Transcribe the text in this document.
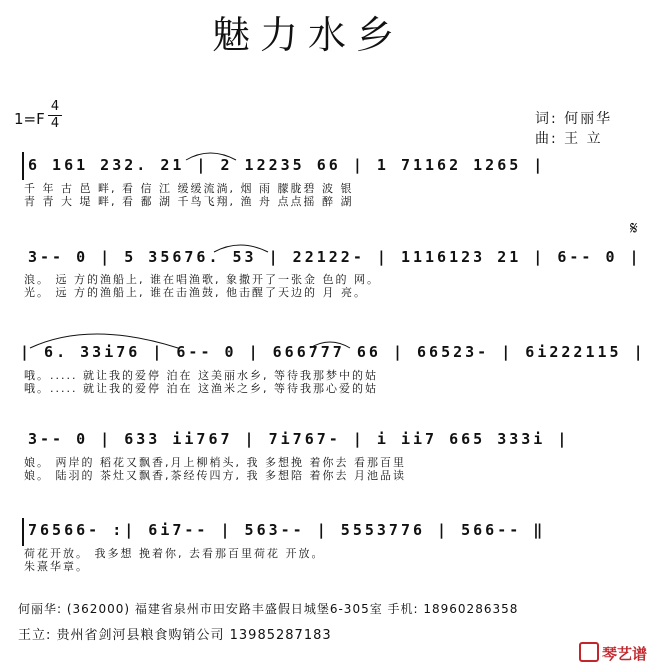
魅力水乡
1=F
4
4	词: 何丽华
曲: 王 立
𝄋
6 161 232. 21 | 2 12235 66 | 1 71162 1265 |
千 年 古 邑 畔, 看 信 江 缓缓流淌, 烟 雨 朦胧碧 波 银
青 青 大 堤 畔, 看 鄱 湖 千鸟飞翔, 渔 舟 点点摇 醉 湖
3-- 0 | 5 35676. 53 | 22122- | 1116123 21 | 6-- 0 |
浪。 远 方的渔船上, 谁在唱渔歌, 象撒开了一张金 色的 网。
光。 远 方的渔船上, 谁在击渔鼓, 他击醒了天边的 月 亮。
| 6. 33i76 | 6-- 0 | 666777 66 | 66523- | 6i222115 |
哦。..... 就让我的爱停 泊在 这美丽水乡, 等待我那梦中的姑
哦。..... 就让我的爱停 泊在 这渔米之乡, 等待我那心爱的姑
3-- 0 | 633 ii767 | 7i767- | i ii7 665 333i |
娘。 两岸的 稻花又飘香,月上柳梢头, 我 多想挽 着你去 看那百里
娘。 陆羽的 茶灶又飘香,茶经传四方, 我 多想陪 着你去 月池品读
76566- :| 6i7-- | 563-- | 5553776 | 566-- ‖
荷花开放。 我多想 挽着你, 去看那百里荷花 开放。
朱熹华章。
何丽华: (362000) 福建省泉州市田安路丰盛假日城堡6-305室 手机: 18960286358
王立: 贵州省剑河县粮食购销公司 13985287183
琴艺谱
